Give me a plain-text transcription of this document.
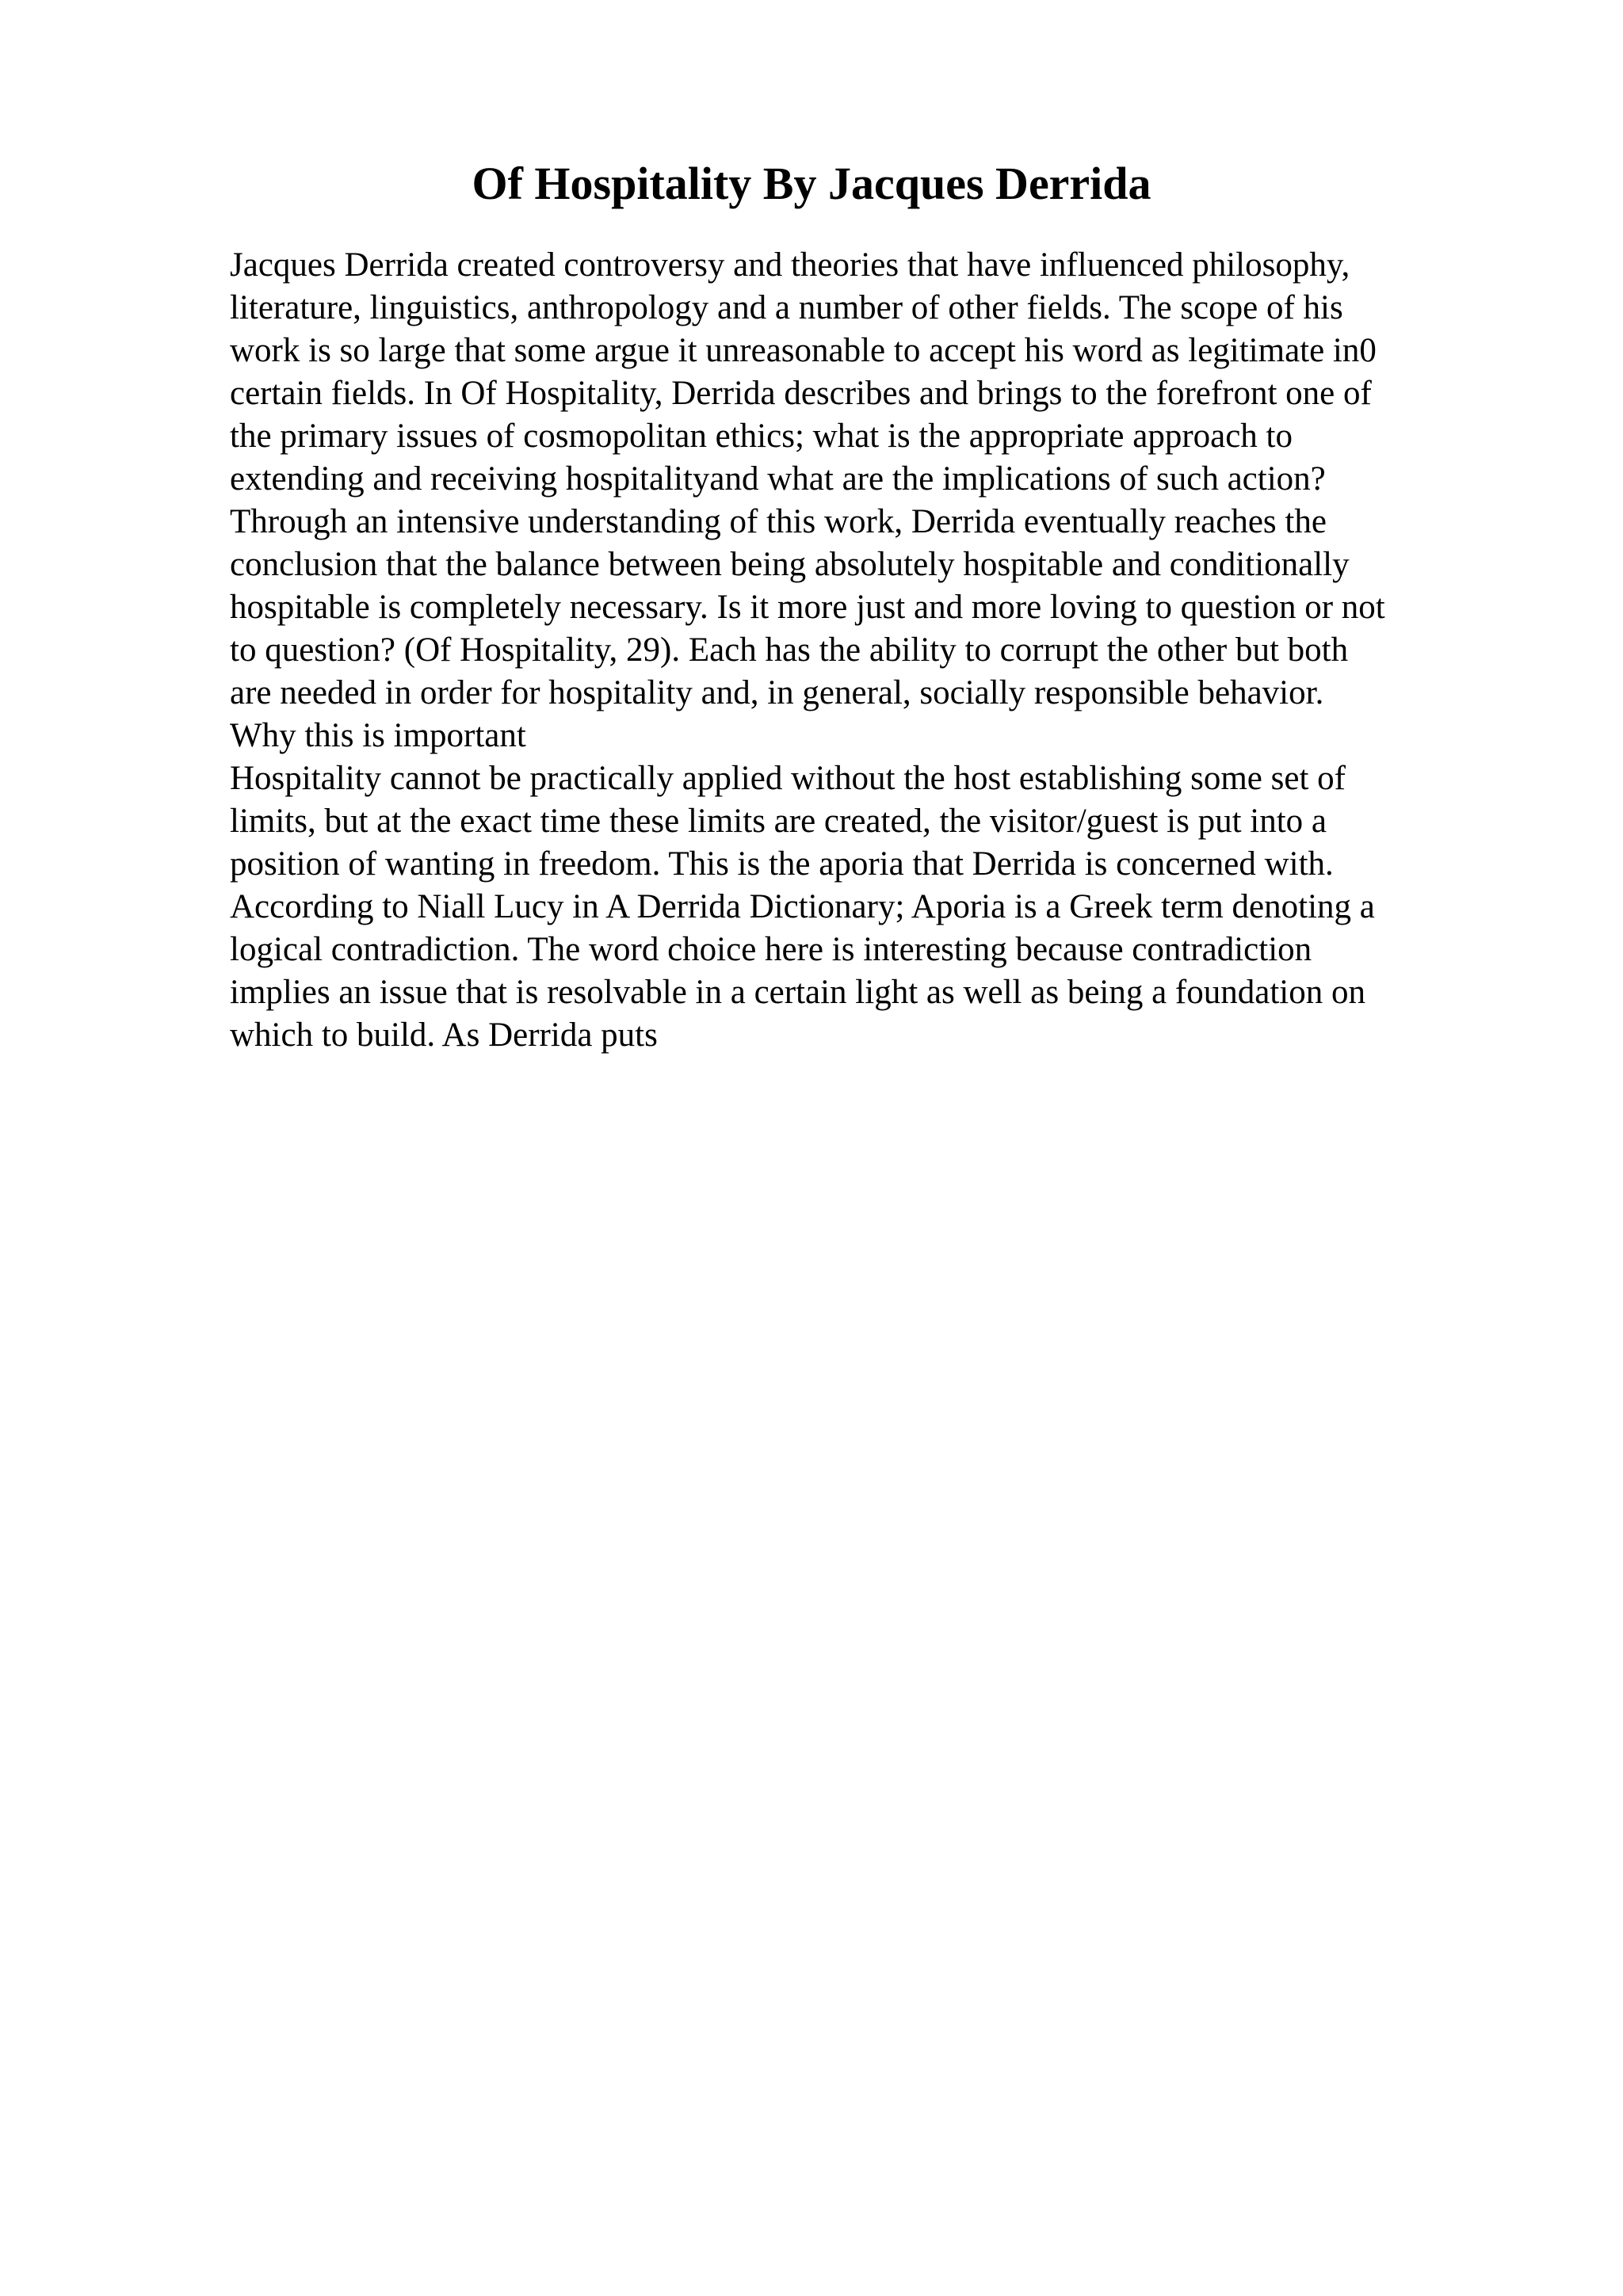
Of Hospitality By Jacques Derrida
Jacques Derrida created controversy and theories that have influenced philosophy,
literature, linguistics, anthropology and a number of other fields. The scope of his
work is so large that some argue it unreasonable to accept his word as legitimate in0
certain fields. In Of Hospitality, Derrida describes and brings to the forefront one of
the primary issues of cosmopolitan ethics; what is the appropriate approach to
extending and receiving hospitalityand what are the implications of such action?
Through an intensive understanding of this work, Derrida eventually reaches the
conclusion that the balance between being absolutely hospitable and conditionally
hospitable is completely necessary. Is it more just and more loving to question or not
to question? (Of Hospitality, 29). Each has the ability to corrupt the other but both
are needed in order for hospitality and, in general, socially responsible behavior.
Why this is important
Hospitality cannot be practically applied without the host establishing some set of
limits, but at the exact time these limits are created, the visitor/guest is put into a
position of wanting in freedom. This is the aporia that Derrida is concerned with.
According to Niall Lucy in A Derrida Dictionary; Aporia is a Greek term denoting a
logical contradiction. The word choice here is interesting because contradiction
implies an issue that is resolvable in a certain light as well as being a foundation on
which to build. As Derrida puts
